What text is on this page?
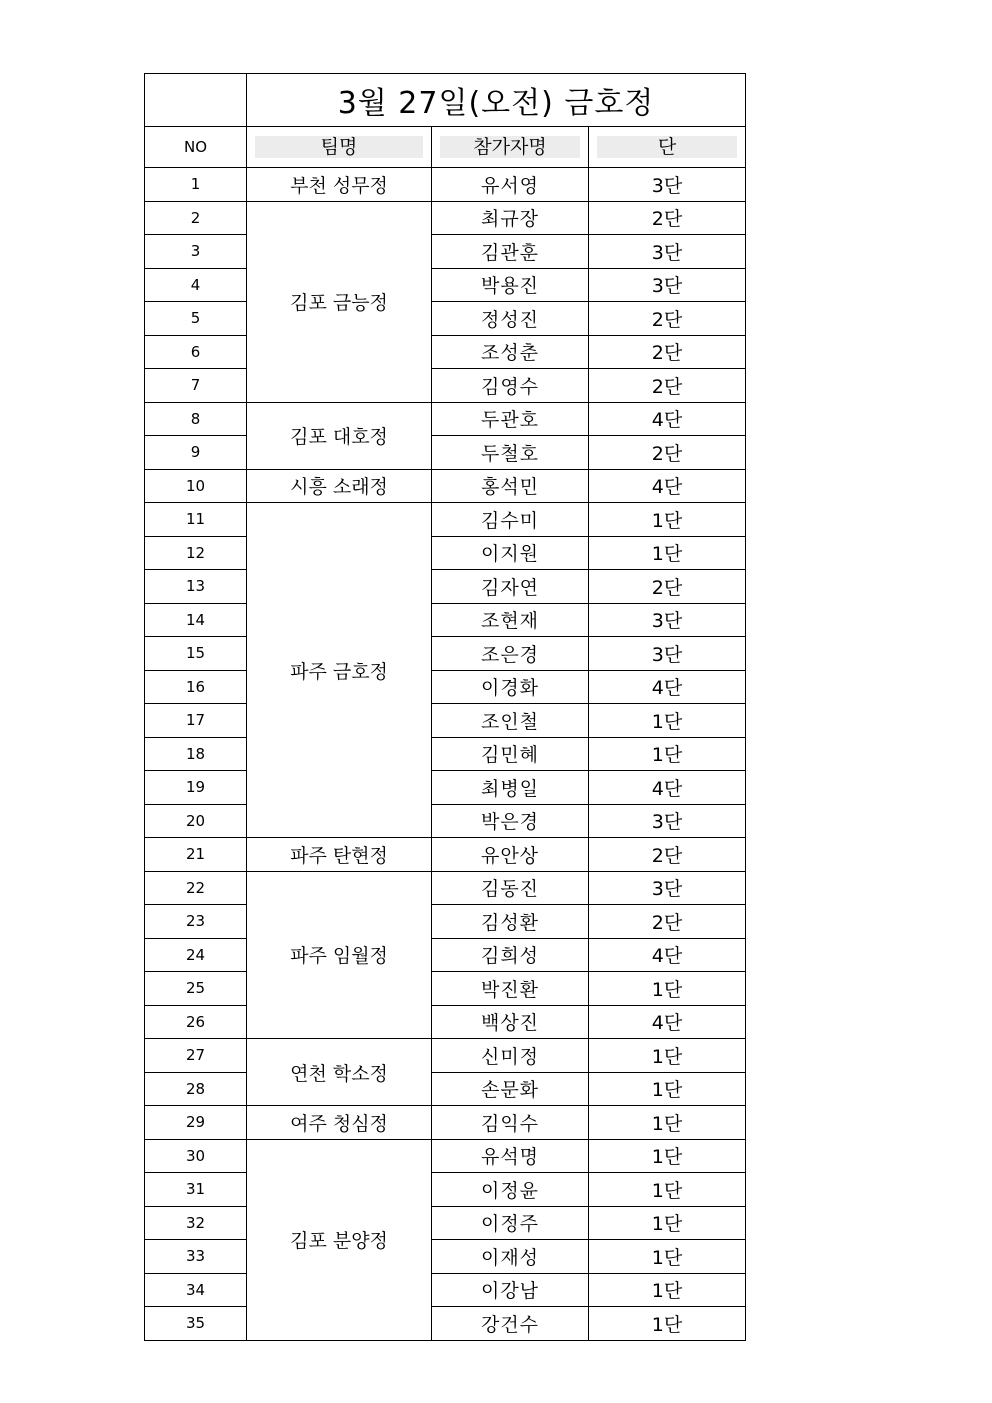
	3월 27일(오전) 금호정		
NO	팀명	참가자명	단

1	부천 성무정	유서영	3단
2	김포 금능정	최규장	2단
3		김관훈	3단
4		박용진	3단
5		정성진	2단
6		조성춘	2단
7		김영수	2단
8	김포 대호정	두관호	4단
9		두철호	2단
10	시흥 소래정	홍석민	4단
11	파주 금호정	김수미	1단
12		이지원	1단
13		김자연	2단
14		조현재	3단
15		조은경	3단
16		이경화	4단
17		조인철	1단
18		김민혜	1단
19		최병일	4단
20		박은경	3단
21	파주 탄현정	유안상	2단
22	파주 임월정	김동진	3단
23		김성환	2단
24		김희성	4단
25		박진환	1단
26		백상진	4단
27	연천 학소정	신미정	1단
28		손문화	1단
29	여주 청심정	김익수	1단
30	김포 분양정	유석명	1단
31		이정윤	1단
32		이정주	1단
33		이재성	1단
34		이강남	1단
35		강건수	1단
